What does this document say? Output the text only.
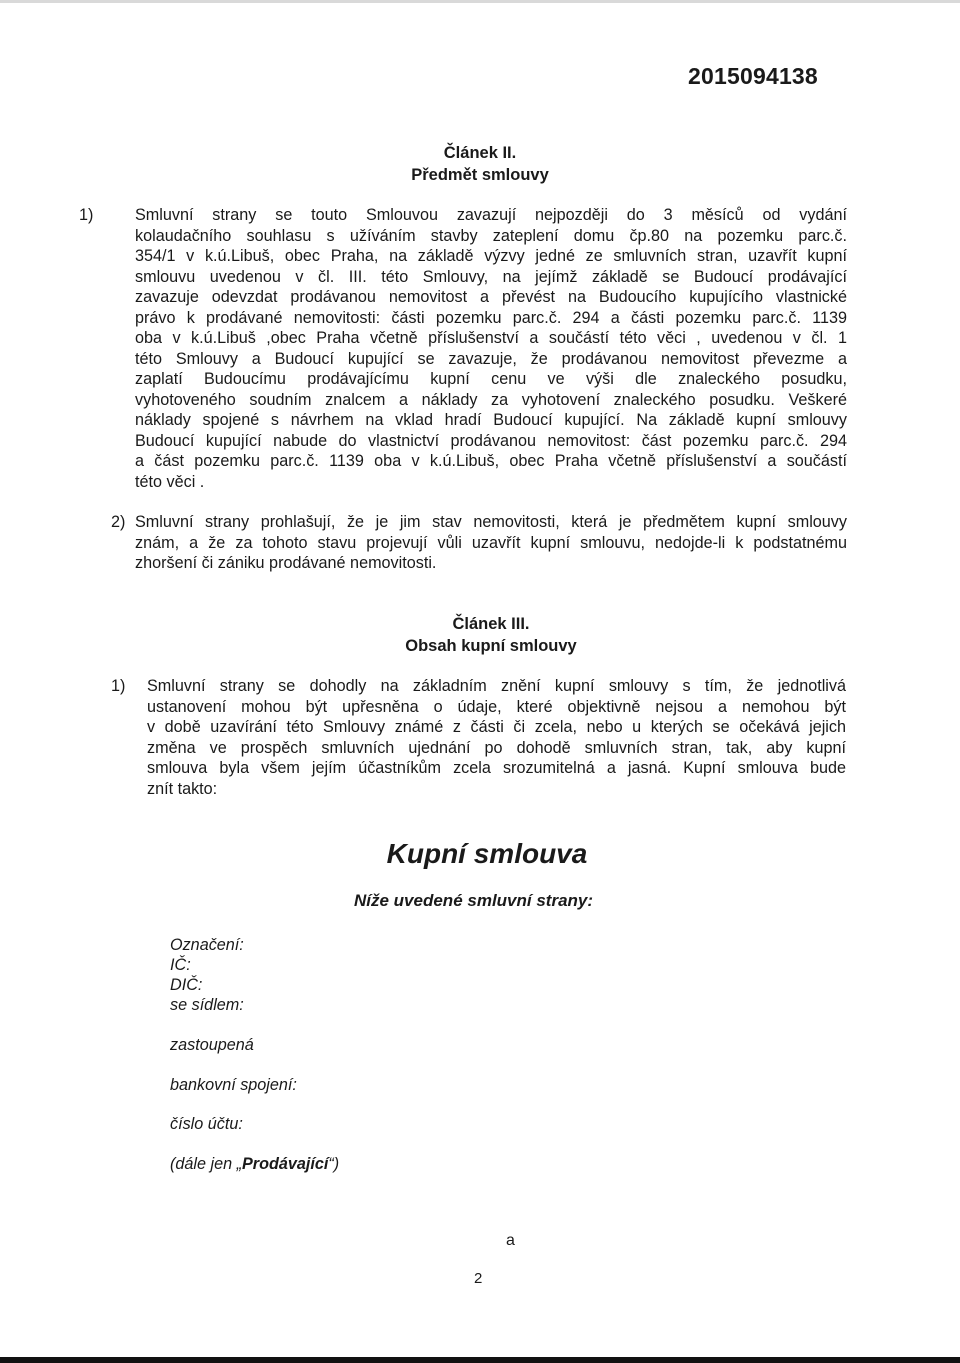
2015094138
Článek II.
Předmět smlouvy
1)	Smluvní strany se touto Smlouvou zavazují nejpozději do 3 měsíců od vydání
kolaudačního souhlasu s užíváním stavby zateplení domu čp.80 na pozemku parc.č.
354/1 v k.ú.Libuš, obec Praha, na základě výzvy jedné ze smluvních stran, uzavřít kupní
smlouvu uvedenou v čl. III. této Smlouvy, na jejímž základě se Budoucí prodávající
zavazuje odevzdat prodávanou nemovitost a převést na Budoucího kupujícího vlastnické
právo k prodávané nemovitosti: části pozemku parc.č. 294 a části pozemku parc.č. 1139
oba v k.ú.Libuš ,obec Praha včetně příslušenství a součástí této věci , uvedenou v čl. 1
této Smlouvy a Budoucí kupující se zavazuje, že prodávanou nemovitost převezme a
zaplatí Budoucímu prodávajícímu kupní cenu ve výši dle znaleckého posudku,
vyhotoveného soudním znalcem a náklady za vyhotovení znaleckého posudku. Veškeré
náklady spojené s návrhem na vklad hradí Budoucí kupující. Na základě kupní smlouvy
Budoucí kupující nabude do vlastnictví prodávanou nemovitost: část pozemku parc.č. 294
a část pozemku parc.č. 1139 oba v k.ú.Libuš, obec Praha včetně příslušenství a součástí
této věci .
2) Smluvní strany prohlašují, že je jim stav nemovitosti, která je předmětem kupní smlouvy
znám, a že za tohoto stavu projevují vůli uzavřít kupní smlouvu, nedojde-li k podstatnému
zhoršení či zániku prodávané nemovitosti.
Článek III.
Obsah kupní smlouvy
1) Smluvní strany se dohodly na základním znění kupní smlouvy s tím, že jednotlivá
ustanovení mohou být upřesněna o údaje, které objektivně nejsou a nemohou být
v době uzavírání této Smlouvy známé z části či zcela, nebo u kterých se očekává jejich
změna ve prospěch smluvních ujednání po dohodě smluvních stran, tak, aby kupní
smlouva byla všem jejím účastníkům zcela srozumitelná a jasná. Kupní smlouva bude
znít takto:
Kupní smlouva
Níže uvedené smluvní strany:
Označení:
IČ:
DIČ:
se sídlem:
zastoupená
bankovní spojení:
číslo účtu:
(dále jen „Prodávající“)
a
2
